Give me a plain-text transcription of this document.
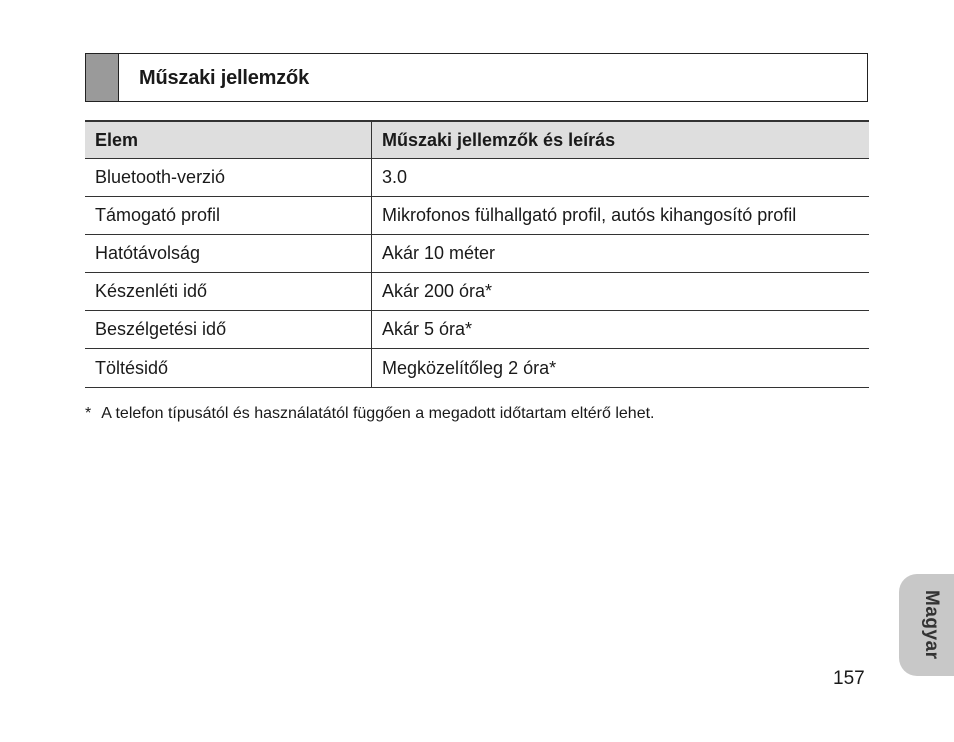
Műszaki jellemzők
Elem	Műszaki jellemzők és leírás
Bluetooth-verzió	3.0
Támogató profil	Mikrofonos fülhallgató profil, autós kihangosító profil
Hatótávolság	Akár 10 méter
Készenléti idő	Akár 200 óra*
Beszélgetési idő	Akár 5 óra*
Töltésidő	Megközelítőleg 2 óra*
* A telefon típusától és használatától függően a megadott időtartam eltérő lehet.
Magyar
157
